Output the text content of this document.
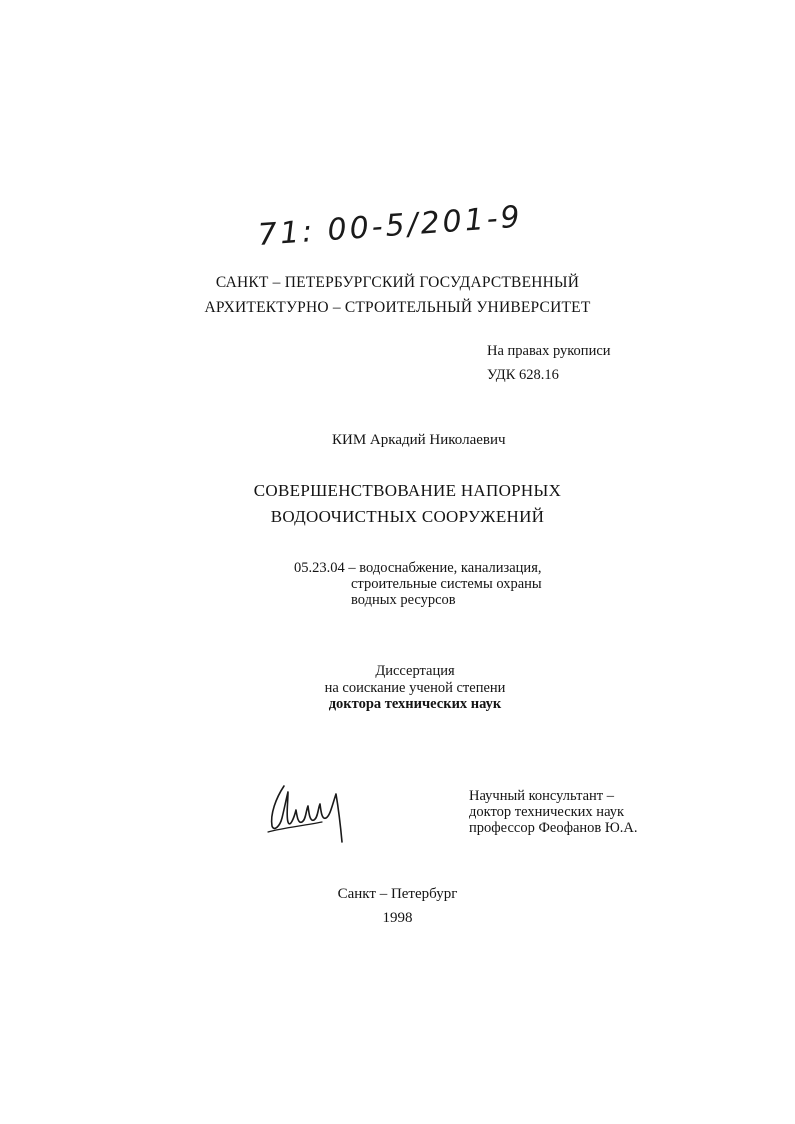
71: 00-5/201-9
САНКТ – ПЕТЕРБУРГСКИЙ ГОСУДАРСТВЕННЫЙ
АРХИТЕКТУРНО – СТРОИТЕЛЬНЫЙ УНИВЕРСИТЕТ
На правах рукописи
УДК 628.16
КИМ Аркадий Николаевич
СОВЕРШЕНСТВОВАНИЕ НАПОРНЫХ
ВОДООЧИСТНЫХ СООРУЖЕНИЙ
05.23.04 – водоснабжение, канализация,
строительные системы охраны
водных ресурсов
Диссертация
на соискание ученой степени
доктора технических наук
Научный консультант –
доктор технических наук
профессор Феофанов Ю.А.
Санкт – Петербург
1998
